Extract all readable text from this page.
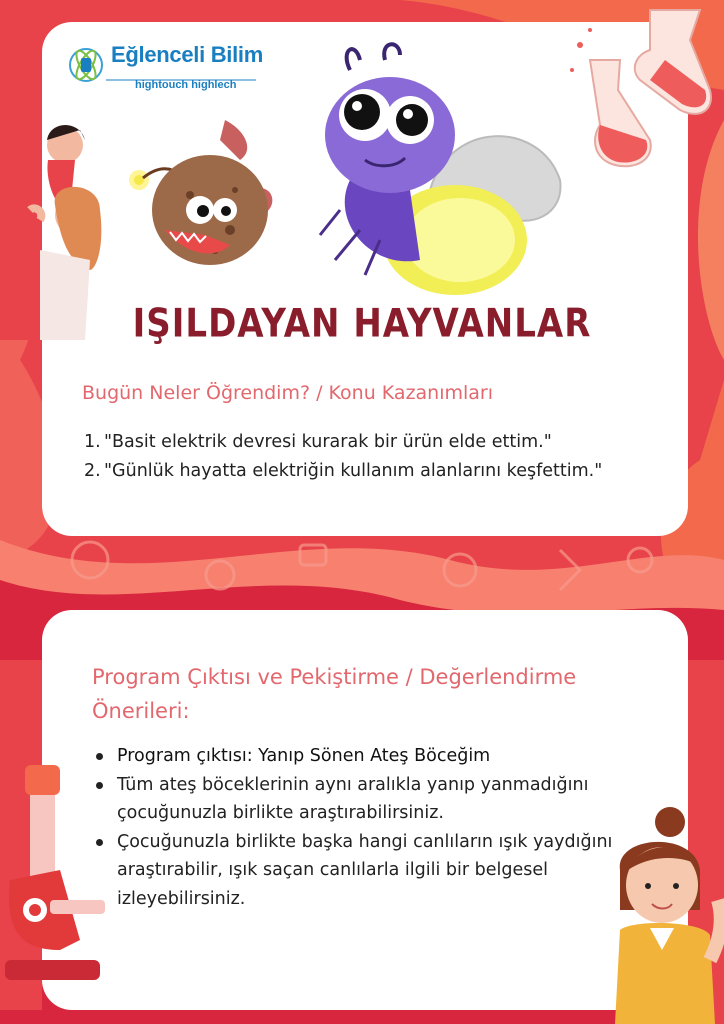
Eğlenceli Bilim
hightouch highlech
IŞILDAYAN HAYVANLAR
Bugün Neler Öğrendim? / Konu Kazanımları
1. "Basit elektrik devresi kurarak bir ürün elde ettim."
2. "Günlük hayatta elektriğin kullanım alanlarını keşfettim."
Program Çıktısı ve Pekiştirme / Değerlendirme Önerileri:
Program çıktısı: Yanıp Sönen Ateş Böceğim
Tüm ateş böceklerinin aynı aralıkla yanıp yanmadığını çocuğunuzla birlikte araştırabilirsiniz.
Çocuğunuzla birlikte başka hangi canlıların ışık yaydığını araştırabilir, ışık saçan canlılarla ilgili bir belgesel izleyebilirsiniz.
